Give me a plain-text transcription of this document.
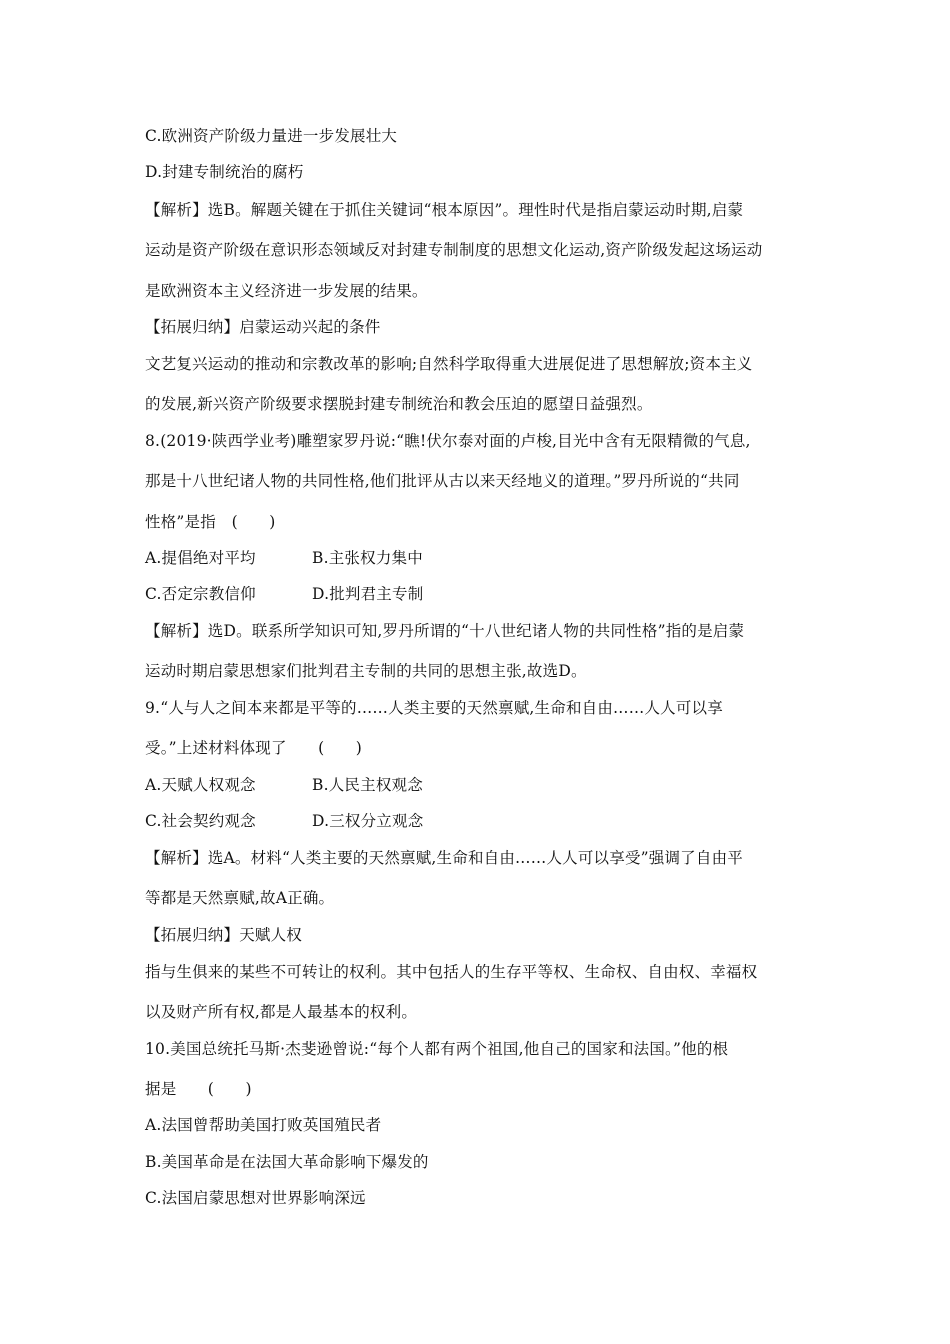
C.欧洲资产阶级力量进一步发展壮大
D.封建专制统治的腐朽
【解析】选B。解题关键在于抓住关键词“根本原因”。理性时代是指启蒙运动时期,启蒙
运动是资产阶级在意识形态领域反对封建专制制度的思想文化运动,资产阶级发起这场运动
是欧洲资本主义经济进一步发展的结果。
【拓展归纳】启蒙运动兴起的条件
文艺复兴运动的推动和宗教改革的影响;自然科学取得重大进展促进了思想解放;资本主义
的发展,新兴资产阶级要求摆脱封建专制统治和教会压迫的愿望日益强烈。
8.(2019·陕西学业考)雕塑家罗丹说:“瞧!伏尔泰对面的卢梭,目光中含有无限精微的气息,
那是十八世纪诸人物的共同性格,他们批评从古以来天经地义的道理。”罗丹所说的“共同
性格”是指　(　　)
A.提倡绝对平均	B.主张权力集中
C.否定宗教信仰	D.批判君主专制
【解析】选D。联系所学知识可知,罗丹所谓的“十八世纪诸人物的共同性格”指的是启蒙
运动时期启蒙思想家们批判君主专制的共同的思想主张,故选D。
9.“人与人之间本来都是平等的……人类主要的天然禀赋,生命和自由……人人可以享
受。”上述材料体现了　　(　　)
A.天赋人权观念	B.人民主权观念
C.社会契约观念	D.三权分立观念
【解析】选A。材料“人类主要的天然禀赋,生命和自由……人人可以享受”强调了自由平
等都是天然禀赋,故A正确。
【拓展归纳】天赋人权
指与生俱来的某些不可转让的权利。其中包括人的生存平等权、生命权、自由权、幸福权
以及财产所有权,都是人最基本的权利。
10.美国总统托马斯·杰斐逊曾说:“每个人都有两个祖国,他自己的国家和法国。”他的根
据是　　(　　)
A.法国曾帮助美国打败英国殖民者
B.美国革命是在法国大革命影响下爆发的
C.法国启蒙思想对世界影响深远
